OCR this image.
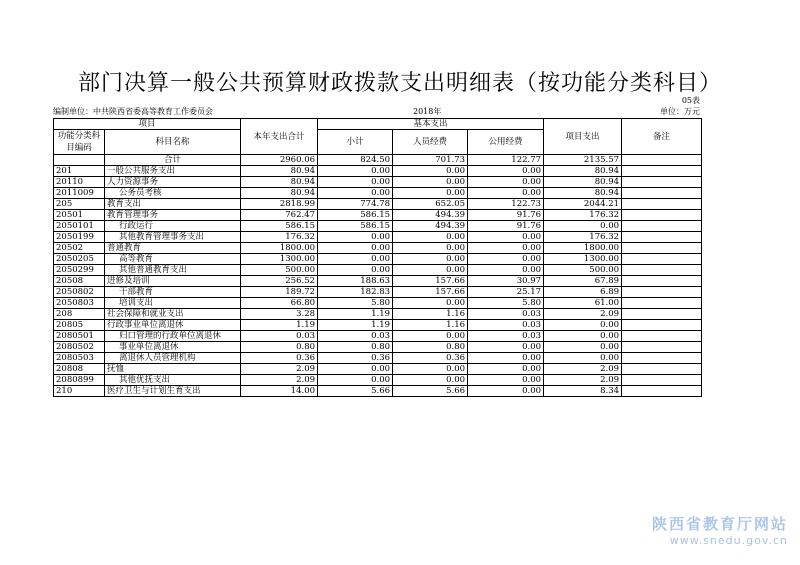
部门决算一般公共预算财政拨款支出明细表（按功能分类科目）
05表
编制单位：中共陕西省委高等教育工作委员会	2018年	单位：万元
项目		本年支出合计	基本支出			项目支出	备注
功能分类科目编码	科目名称		小计	人员经费	公用经费		
	合计	2960.06	824.50	701.73	122.77	2135.57	
201	一般公共服务支出	80.94	0.00	0.00	0.00	80.94	
20110	人力资源事务	80.94	0.00	0.00	0.00	80.94	
2011009	公务员考核	80.94	0.00	0.00	0.00	80.94	
205	教育支出	2818.99	774.78	652.05	122.73	2044.21	
20501	教育管理事务	762.47	586.15	494.39	91.76	176.32	
2050101	行政运行	586.15	586.15	494.39	91.76	0.00	
2050199	其他教育管理事务支出	176.32	0.00	0.00	0.00	176.32	
20502	普通教育	1800.00	0.00	0.00	0.00	1800.00	
2050205	高等教育	1300.00	0.00	0.00	0.00	1300.00	
2050299	其他普通教育支出	500.00	0.00	0.00	0.00	500.00	
20508	进修及培训	256.52	188.63	157.66	30.97	67.89	
2050802	干部教育	189.72	182.83	157.66	25.17	6.89	
2050803	培训支出	66.80	5.80	0.00	5.80	61.00	
208	社会保障和就业支出	3.28	1.19	1.16	0.03	2.09	
20805	行政事业单位离退休	1.19	1.19	1.16	0.03	0.00	
2080501	归口管理的行政单位离退休	0.03	0.03	0.00	0.03	0.00	
2080502	事业单位离退休	0.80	0.80	0.80	0.00	0.00	
2080503	离退休人员管理机构	0.36	0.36	0.36	0.00	0.00	
20808	抚恤	2.09	0.00	0.00	0.00	2.09	
2080899	其他优抚支出	2.09	0.00	0.00	0.00	2.09	
210	医疗卫生与计划生育支出	14.00	5.66	5.66	0.00	8.34	
陕西省教育厅网站
www.snedu.gov.cn
